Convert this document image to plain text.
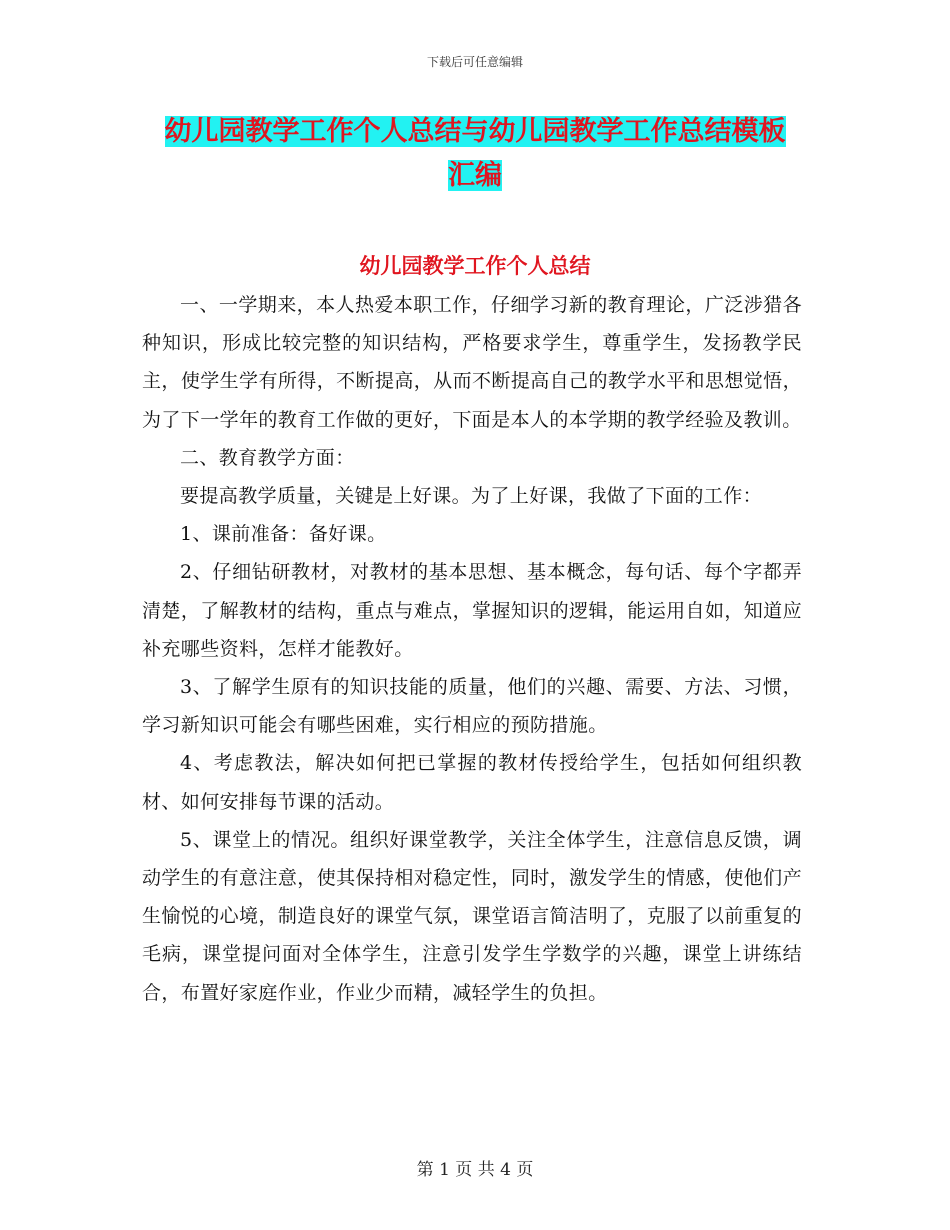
下载后可任意编辑
幼儿园教学工作个人总结与幼儿园教学工作总结模板
汇编
幼儿园教学工作个人总结

一、一学期来，本人热爱本职工作，仔细学习新的教育理论，广泛涉猎各种知识，形成比较完整的知识结构，严格要求学生，尊重学生，发扬教学民主，使学生学有所得，不断提高，从而不断提高自己的教学水平和思想觉悟，为了下一学年的教育工作做的更好，下面是本人的本学期的教学经验及教训。

二、教育教学方面：

要提高教学质量，关键是上好课。为了上好课，我做了下面的工作：

1、课前准备：备好课。

2、仔细钻研教材，对教材的基本思想、基本概念，每句话、每个字都弄清楚，了解教材的结构，重点与难点，掌握知识的逻辑，能运用自如，知道应补充哪些资料，怎样才能教好。

3、了解学生原有的知识技能的质量，他们的兴趣、需要、方法、习惯，学习新知识可能会有哪些困难，实行相应的预防措施。

4、考虑教法，解决如何把已掌握的教材传授给学生，包括如何组织教材、如何安排每节课的活动。

5、课堂上的情况。组织好课堂教学，关注全体学生，注意信息反馈，调动学生的有意注意，使其保持相对稳定性，同时，激发学生的情感，使他们产生愉悦的心境，制造良好的课堂气氛，课堂语言简洁明了，克服了以前重复的毛病，课堂提问面对全体学生，注意引发学生学数学的兴趣，课堂上讲练结合，布置好家庭作业，作业少而精，减轻学生的负担。

第 1 页 共 4 页
